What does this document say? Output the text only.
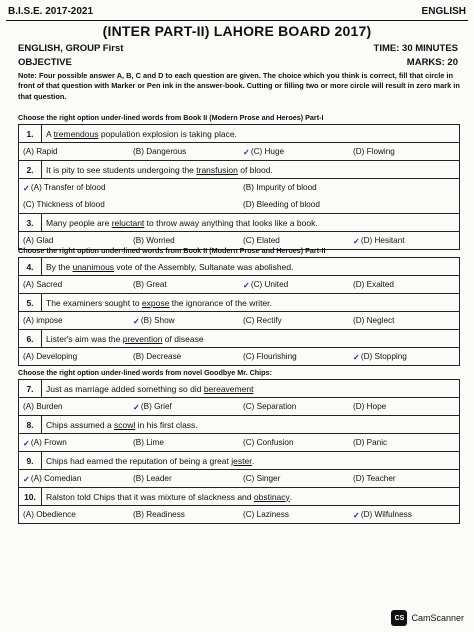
B.I.S.E. 2017-2021	ENGLISH
(INTER PART-II) LAHORE BOARD 2017)
ENGLISH, GROUP First	TIME: 30 MINUTES
OBJECTIVE	MARKS: 20
Note: Four possible answer A, B, C and D to each question are given. The choice which you think is correct, fill that circle in front of that question with Marker or Pen ink in the answer-book. Cutting or filling two or more circle will result in zero mark in that question.
Choose the right option under-lined words from Book II (Modern Prose and Heroes) Part-I
1.	A tremendous population explosion is taking place.
(A) Rapid	(B) Dangerous	✓ (C) Huge	(D) Flowing
2.	It is pity to see students undergoing the transfusion of blood.
✓ (A) Transfer of blood	(B) Impurity of blood
(C) Thickness of blood	(D) Bleeding of blood
3.	Many people are reluctant to throw away anything that looks like a book.
(A) Glad	(B) Worried	(C) Elated	✓ (D) Hesitant
Choose the right option under-lined words from Book II (Modern Prose and Heroes) Part-II
4.	By the unanimous vote of the Assembly, Sultanate was abolished.
(A) Sacred	(B) Great	✓ (C) United	(D) Exalted
5.	The examiners sought to expose the ignorance of the writer.
(A) impose	✓ (B) Show	(C) Rectify	(D) Neglect
6.	Lister's aim was the prevention of disease
(A) Developing	(B) Decrease	(C) Flourishing	✓ (D) Stopping
Choose the right option under-lined words from novel Goodbye Mr. Chips:
7.	Just as marriage added something so did bereavement
(A) Burden	✓ (B) Grief	(C) Separation	(D) Hope
8.	Chips assumed a scowl in his first class.
✓ (A) Frown	(B) Lime	(C) Confusion	(D) Panic
9.	Chips had earned the reputation of being a great jester .
✓ (A) Comedian	(B) Leader	(C) Singer	(D) Teacher
10.	Ralston told Chips that it was mixture of slackness and obstinacy .
(A) Obedience	(B) Readiness	(C) Laziness	✓ (D) Wilfulness
CS CamScanner
